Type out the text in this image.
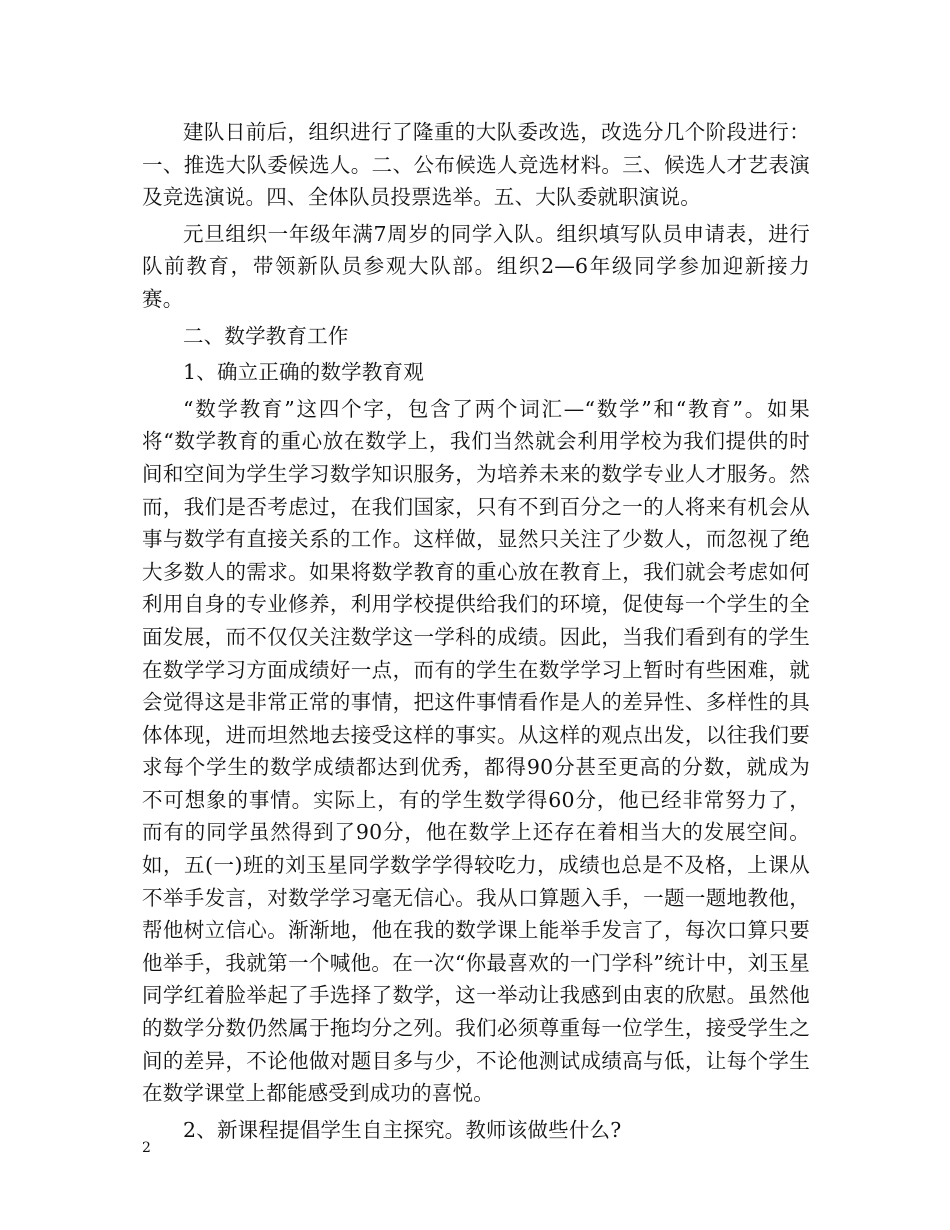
建队日前后，组织进行了隆重的大队委改选，改选分几个阶段进行：一、推选大队委候选人。二、公布候选人竞选材料。三、候选人才艺表演及竞选演说。四、全体队员投票选举。五、大队委就职演说。

元旦组织一年级年满7周岁的同学入队。组织填写队员申请表，进行队前教育，带领新队员参观大队部。组织2—6年级同学参加迎新接力赛。

二、数学教育工作

1、确立正确的数学教育观

“数学教育”这四个字，包含了两个词汇—“数学”和“教育”。如果将“数学教育的重心放在数学上，我们当然就会利用学校为我们提供的时间和空间为学生学习数学知识服务，为培养未来的数学专业人才服务。然而，我们是否考虑过，在我们国家，只有不到百分之一的人将来有机会从事与数学有直接关系的工作。这样做，显然只关注了少数人，而忽视了绝大多数人的需求。如果将数学教育的重心放在教育上，我们就会考虑如何利用自身的专业修养，利用学校提供给我们的环境，促使每一个学生的全面发展，而不仅仅关注数学这一学科的成绩。因此，当我们看到有的学生在数学学习方面成绩好一点，而有的学生在数学学习上暂时有些困难，就会觉得这是非常正常的事情，把这件事情看作是人的差异性、多样性的具体体现，进而坦然地去接受这样的事实。从这样的观点出发，以往我们要求每个学生的数学成绩都达到优秀，都得90分甚至更高的分数，就成为不可想象的事情。实际上，有的学生数学得60分，他已经非常努力了，而有的同学虽然得到了90分，他在数学上还存在着相当大的发展空间。如，五(一)班的刘玉星同学数学学得较吃力，成绩也总是不及格，上课从不举手发言，对数学学习毫无信心。我从口算题入手，一题一题地教他，帮他树立信心。渐渐地，他在我的数学课上能举手发言了，每次口算只要他举手，我就第一个喊他。在一次“你最喜欢的一门学科”统计中，刘玉星同学红着脸举起了手选择了数学，这一举动让我感到由衷的欣慰。虽然他的数学分数仍然属于拖均分之列。我们必须尊重每一位学生，接受学生之间的差异，不论他做对题目多与少，不论他测试成绩高与低，让每个学生在数学课堂上都能感受到成功的喜悦。

2、新课程提倡学生自主探究。教师该做些什么?

2
